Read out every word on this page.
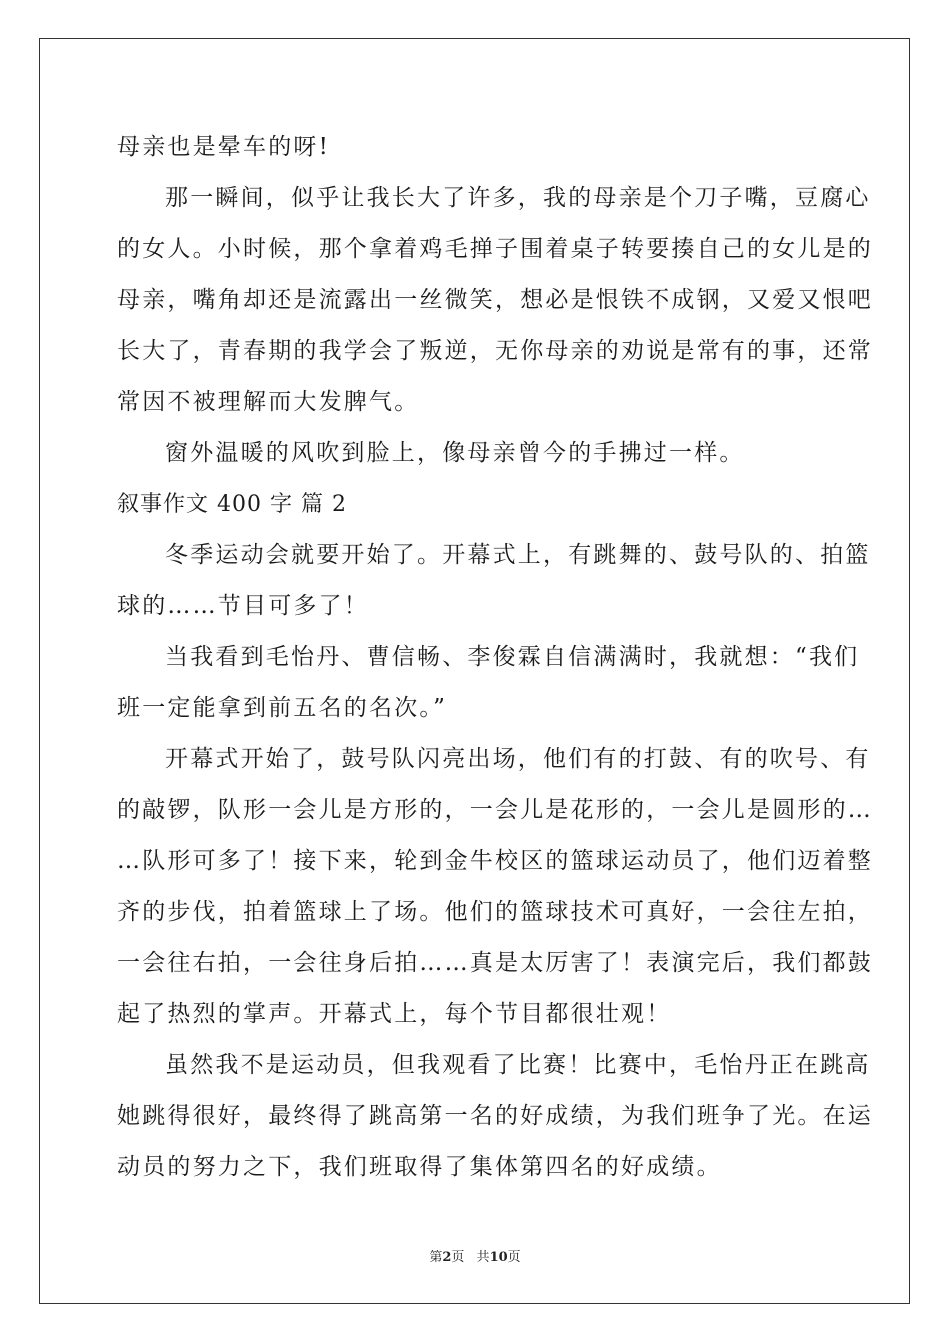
母亲也是晕车的呀!
那一瞬间，似乎让我长大了许多，我的母亲是个刀子嘴，豆腐心
的女人。小时候，那个拿着鸡毛掸子围着桌子转要揍自己的女儿是的
母亲，嘴角却还是流露出一丝微笑，想必是恨铁不成钢，又爱又恨吧
长大了，青春期的我学会了叛逆，无你母亲的劝说是常有的事，还常
常因不被理解而大发脾气。
窗外温暖的风吹到脸上，像母亲曾今的手拂过一样。
叙事作文 400 字 篇 2
冬季运动会就要开始了。开幕式上，有跳舞的、鼓号队的、拍篮
球的……节目可多了！
当我看到毛怡丹、曹信畅、李俊霖自信满满时，我就想：“我们
班一定能拿到前五名的名次。”
开幕式开始了，鼓号队闪亮出场，他们有的打鼓、有的吹号、有
的敲锣，队形一会儿是方形的，一会儿是花形的，一会儿是圆形的…
…队形可多了！接下来，轮到金牛校区的篮球运动员了，他们迈着整
齐的步伐，拍着篮球上了场。他们的篮球技术可真好，一会往左拍，
一会往右拍，一会往身后拍……真是太厉害了！表演完后，我们都鼓
起了热烈的掌声。开幕式上，每个节目都很壮观！
虽然我不是运动员，但我观看了比赛！比赛中，毛怡丹正在跳高
她跳得很好，最终得了跳高第一名的好成绩，为我们班争了光。在运
动员的努力之下，我们班取得了集体第四名的好成绩。
第2页 共10页
